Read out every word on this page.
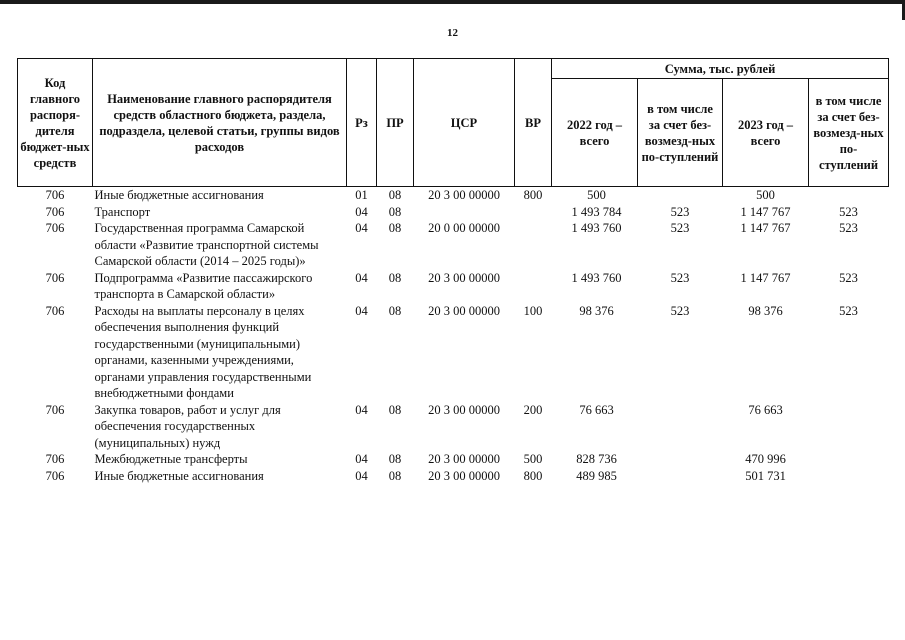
12
Код главного распоря-дителя бюджет-ных средств	Наименование главного распорядителя средств областного бюджета, раздела, подраздела, целевой статьи, группы видов расходов	Рз	ПР	ЦСР	ВР	Сумма, тыс. рублей			
						2022 год – всего	в том числе за счет без-возмезд-ных по-ступлений	2023 год – всего	в том числе за счет без-возмезд-ных по-ступлений
706	Иные бюджетные ассигнования	01	08	20 3 00 00000	800	500		500	
706	Транспорт	04	08			1 493 784	523	1 147 767	523
706	Государственная программа Самарской области «Развитие транспортной системы Самарской области (2014 – 2025 годы)»	04	08	20 0 00 00000		1 493 760	523	1 147 767	523
706	Подпрограмма «Развитие пассажирского транспорта в Самарской области»	04	08	20 3 00 00000		1 493 760	523	1 147 767	523
706	Расходы на выплаты персоналу в целях обеспечения выполнения функций государственными (муниципальными) органами, казенными учреждениями, органами управления государственными внебюджетными фондами	04	08	20 3 00 00000	100	98 376	523	98 376	523
706	Закупка товаров, работ и услуг для обеспечения государственных (муниципальных) нужд	04	08	20 3 00 00000	200	76 663		76 663	
706	Межбюджетные трансферты	04	08	20 3 00 00000	500	828 736		470 996	
706	Иные бюджетные ассигнования	04	08	20 3 00 00000	800	489 985		501 731	
